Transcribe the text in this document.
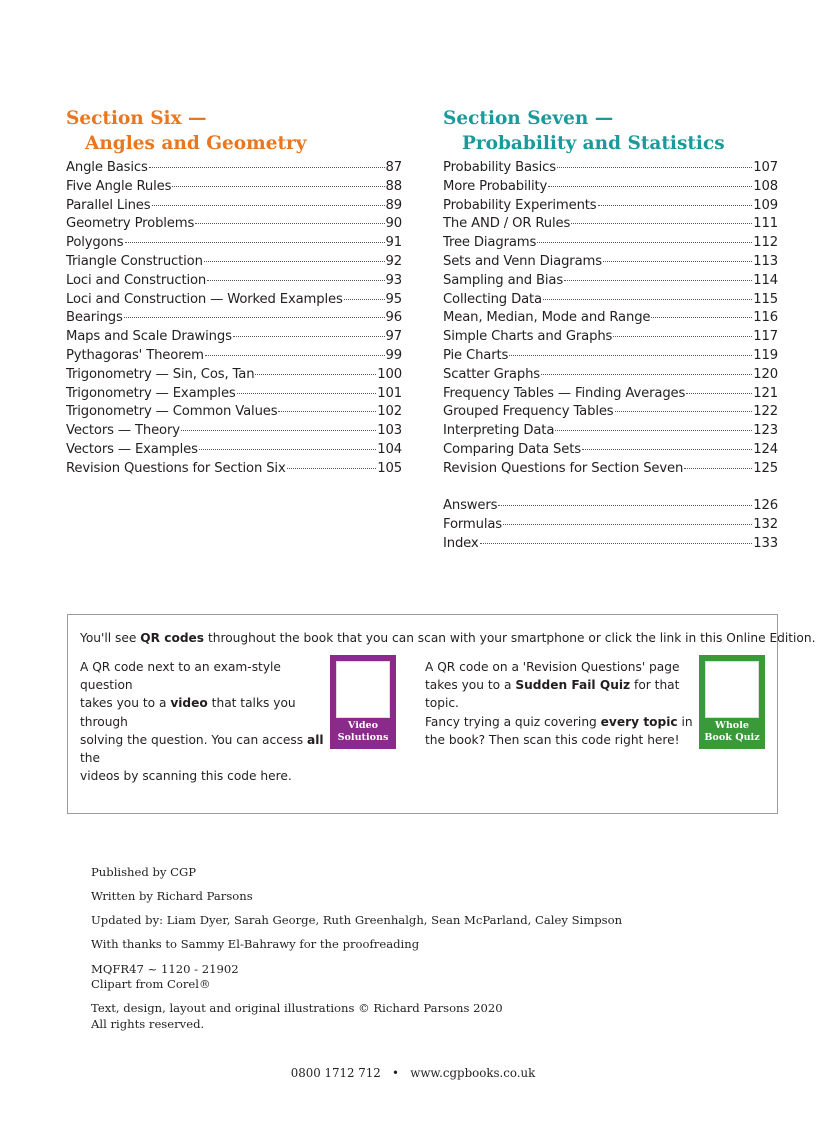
Section Six —
Angles and Geometry
Angle Basics	87
Five Angle Rules	88
Parallel Lines	89
Geometry Problems	90
Polygons	91
Triangle Construction	92
Loci and Construction	93
Loci and Construction — Worked Examples	95
Bearings	96
Maps and Scale Drawings	97
Pythagoras' Theorem	99
Trigonometry — Sin, Cos, Tan	100
Trigonometry — Examples	101
Trigonometry — Common Values	102
Vectors — Theory	103
Vectors — Examples	104
Revision Questions for Section Six	105
Section Seven —
Probability and Statistics
Probability Basics	107
More Probability	108
Probability Experiments	109
The AND / OR Rules	111
Tree Diagrams	112
Sets and Venn Diagrams	113
Sampling and Bias	114
Collecting Data	115
Mean, Median, Mode and Range	116
Simple Charts and Graphs	117
Pie Charts	119
Scatter Graphs	120
Frequency Tables — Finding Averages	121
Grouped Frequency Tables	122
Interpreting Data	123
Comparing Data Sets	124
Revision Questions for Section Seven	125
Answers	126
Formulas	132
Index	133
You'll see QR codes throughout the book that you can scan with your smartphone or click the link in this Online Edition.
A QR code next to an exam-style question
takes you to a video that talks you through
solving the question. You can access all the
videos by scanning this code here.
Video
Solutions
A QR code on a 'Revision Questions' page
takes you to a Sudden Fail Quiz for that topic.
Fancy trying a quiz covering every topic in
the book? Then scan this code right here!
Whole
Book Quiz
Published by CGP
Written by Richard Parsons
Updated by: Liam Dyer, Sarah George, Ruth Greenhalgh, Sean McParland, Caley Simpson
With thanks to Sammy El-Bahrawy for the proofreading
MQFR47 ~ 1120 - 21902
Clipart from Corel®
Text, design, layout and original illustrations © Richard Parsons 2020
All rights reserved.
0800 1712 712 • www.cgpbooks.co.uk
